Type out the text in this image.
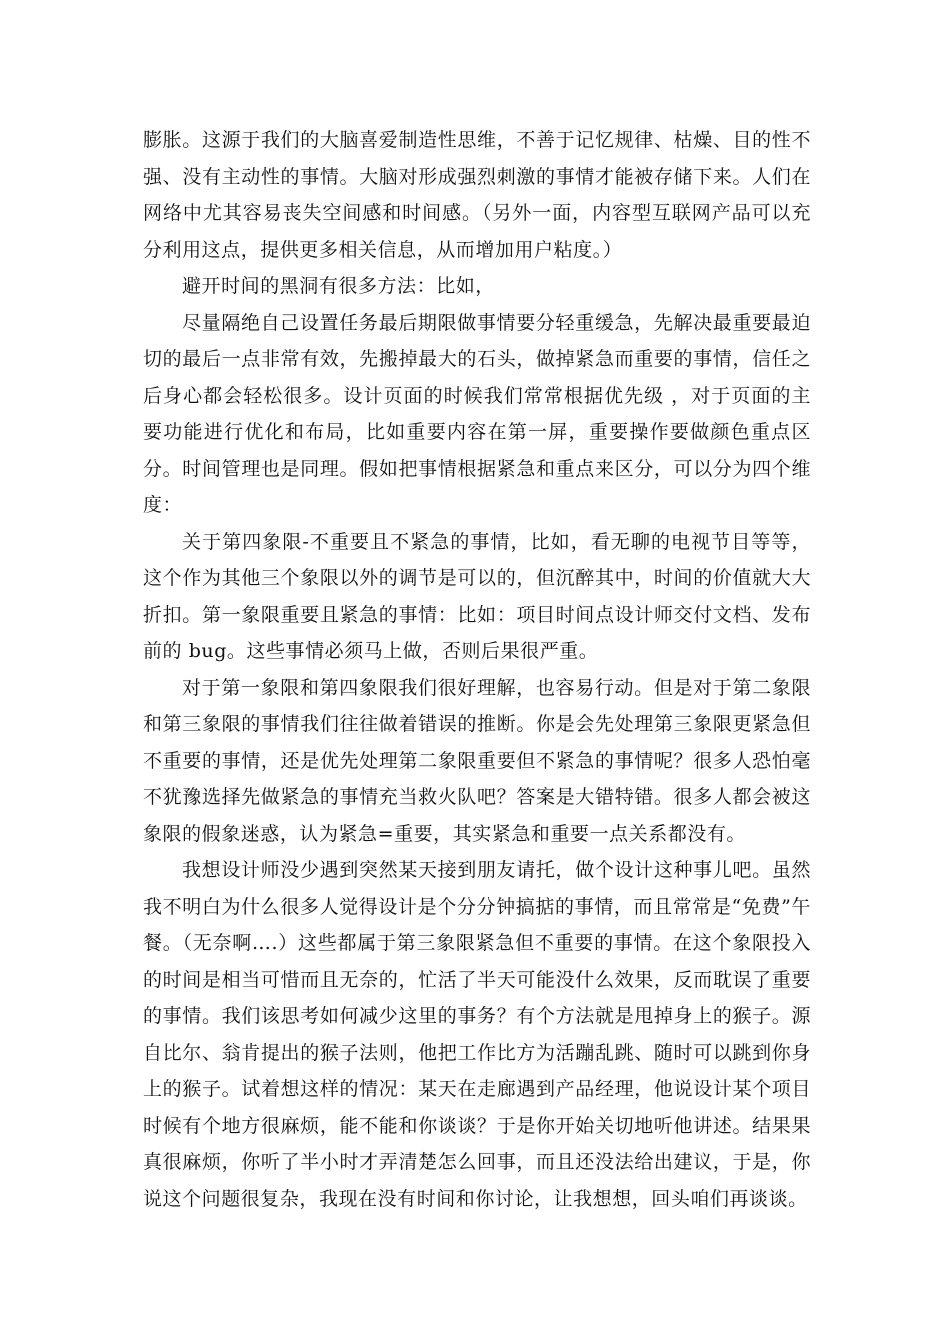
膨胀。这源于我们的大脑喜爱制造性思维，不善于记忆规律、枯燥、目的性不强、没有主动性的事情。大脑对形成强烈刺激的事情才能被存储下来。人们在网络中尤其容易丧失空间感和时间感。（另外一面，内容型互联网产品可以充分利用这点，提供更多相关信息，从而增加用户粘度。）

避开时间的黑洞有很多方法：比如，

尽量隔绝自己设置任务最后期限做事情要分轻重缓急，先解决最重要最迫切的最后一点非常有效，先搬掉最大的石头，做掉紧急而重要的事情，信任之后身心都会轻松很多。设计页面的时候我们常常根据优先级 ，对于页面的主要功能进行优化和布局，比如重要内容在第一屏，重要操作要做颜色重点区分。时间管理也是同理。假如把事情根据紧急和重点来区分，可以分为四个维度：

关于第四象限-不重要且不紧急的事情，比如，看无聊的电视节目等等，这个作为其他三个象限以外的调节是可以的，但沉醉其中，时间的价值就大大折扣。第一象限重要且紧急的事情：比如：项目时间点设计师交付文档、发布前的 bug。这些事情必须马上做，否则后果很严重。

对于第一象限和第四象限我们很好理解，也容易行动。但是对于第二象限和第三象限的事情我们往往做着错误的推断。你是会先处理第三象限更紧急但不重要的事情，还是优先处理第二象限重要但不紧急的事情呢？很多人恐怕毫不犹豫选择先做紧急的事情充当救火队吧？答案是大错特错。很多人都会被这象限的假象迷惑，认为紧急=重要，其实紧急和重要一点关系都没有。

我想设计师没少遇到突然某天接到朋友请托，做个设计这种事儿吧。虽然我不明白为什么很多人觉得设计是个分分钟搞掂的事情，而且常常是“免费”午餐。（无奈啊….）这些都属于第三象限紧急但不重要的事情。在这个象限投入的时间是相当可惜而且无奈的，忙活了半天可能没什么效果，反而耽误了重要的事情。我们该思考如何减少这里的事务？有个方法就是甩掉身上的猴子。源自比尔、翁肯提出的猴子法则，他把工作比方为活蹦乱跳、随时可以跳到你身上的猴子。试着想这样的情况：某天在走廊遇到产品经理，他说设计某个项目时候有个地方很麻烦，能不能和你谈谈？于是你开始关切地听他讲述。结果果真很麻烦，你听了半小时才弄清楚怎么回事，而且还没法给出建议，于是，你说这个问题很复杂，我现在没有时间和你讨论，让我想想，回头咱们再谈谈。
